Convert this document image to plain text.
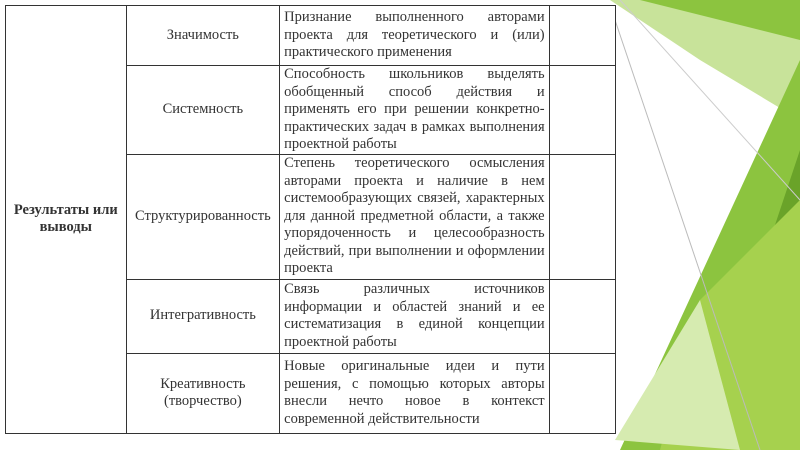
Результаты или выводы	Значимость	Признание выполненного авторами проекта для теоретического и (или) практического применения	
	Системность	Способность школьников выделять обобщенный способ действия и применять его при решении конкретно-практических задач в рамках выполнения проектной работы	
	Структурированность	Степень теоретического осмысления авторами проекта и наличие в нем системообразующих связей, характерных для данной предметной области, а также упорядоченность и целесообразность действий, при выполнении и оформлении проекта	
	Интегративность	Связь различных источников информации и областей знаний и ее систематизация в единой концепции проектной работы	
	Креативность (творчество)	Новые оригинальные идеи и пути решения, с помощью которых авторы внесли нечто новое в контекст современной действительности	
